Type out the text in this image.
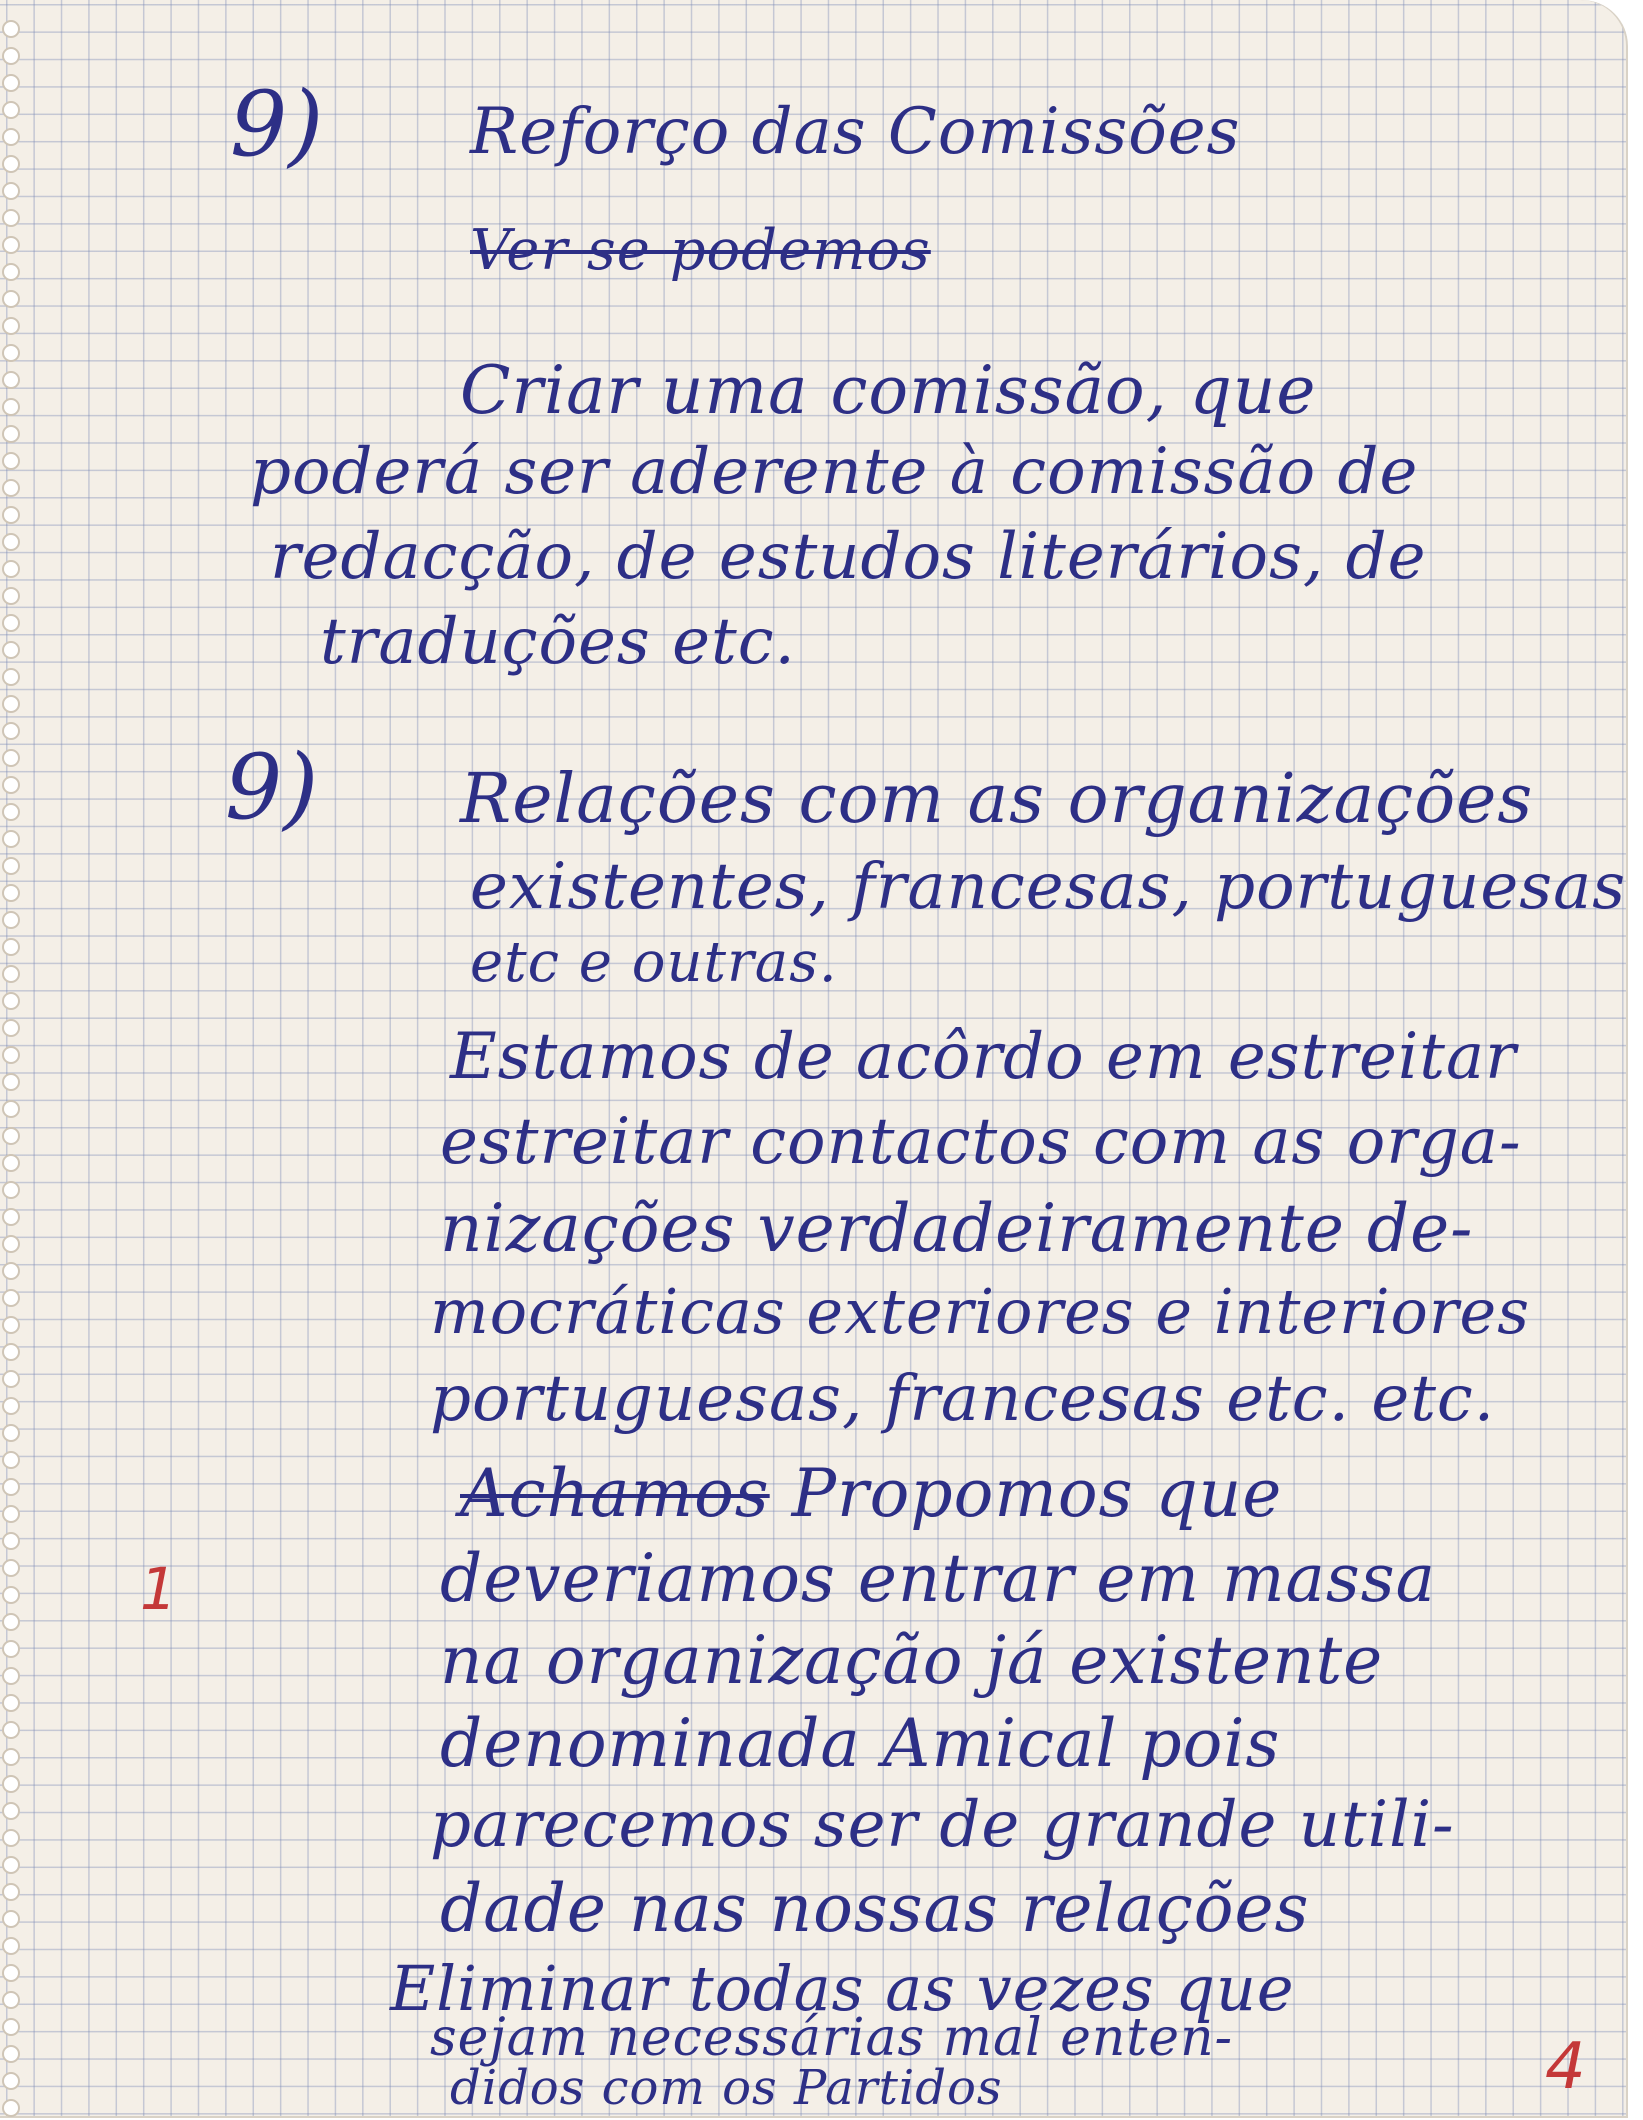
9) Reforço das Comissões

Ver se podemos

Criar uma comissão, que

poderá ser aderente à comissão de

redacção, de estudos literários, de

traduções etc.

9) Relações com as organizações

existentes, francesas, portuguesas

etc e outras.

Estamos de acôrdo em estreitar

estreitar contactos com as orga-

nizações verdadeiramente de-

mocráticas exteriores e interiores

portuguesas, francesas etc. etc.

Achamos Propomos que

deveriamos entrar em massa

na organização já existente

denominada Amical pois

parecemos ser de grande utili-

dade nas nossas relações

Eliminar todas as vezes que

sejam necessárias mal enten-

didos com os Partidos

1

4
